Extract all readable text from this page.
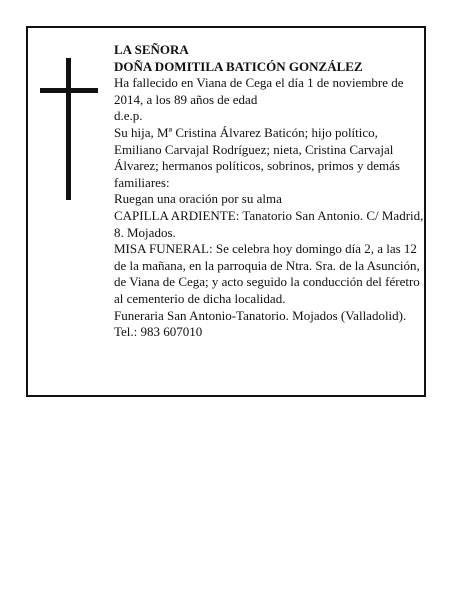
LA SEÑORA

DOÑA DOMITILA BATICÓN GONZÁLEZ

Ha fallecido en Viana de Cega el día 1 de noviembre de 2014, a los 89 años de edad

d.e.p.

Su hija, Mª Cristina Álvarez Baticón; hijo político, Emiliano Carvajal Rodríguez; nieta, Cristina Carvajal Álvarez; hermanos políticos, sobrinos, primos y demás familiares:

Ruegan una oración por su alma

CAPILLA ARDIENTE: Tanatorio San Antonio. C/ Madrid, 8. Mojados.

MISA FUNERAL: Se celebra hoy domingo día 2, a las 12 de la mañana, en la parroquia de Ntra. Sra. de la Asunción, de Viana de Cega; y acto seguido la conducción del féretro al cementerio de dicha localidad.

Funeraria San Antonio-Tanatorio. Mojados (Valladolid). Tel.: 983 607010
